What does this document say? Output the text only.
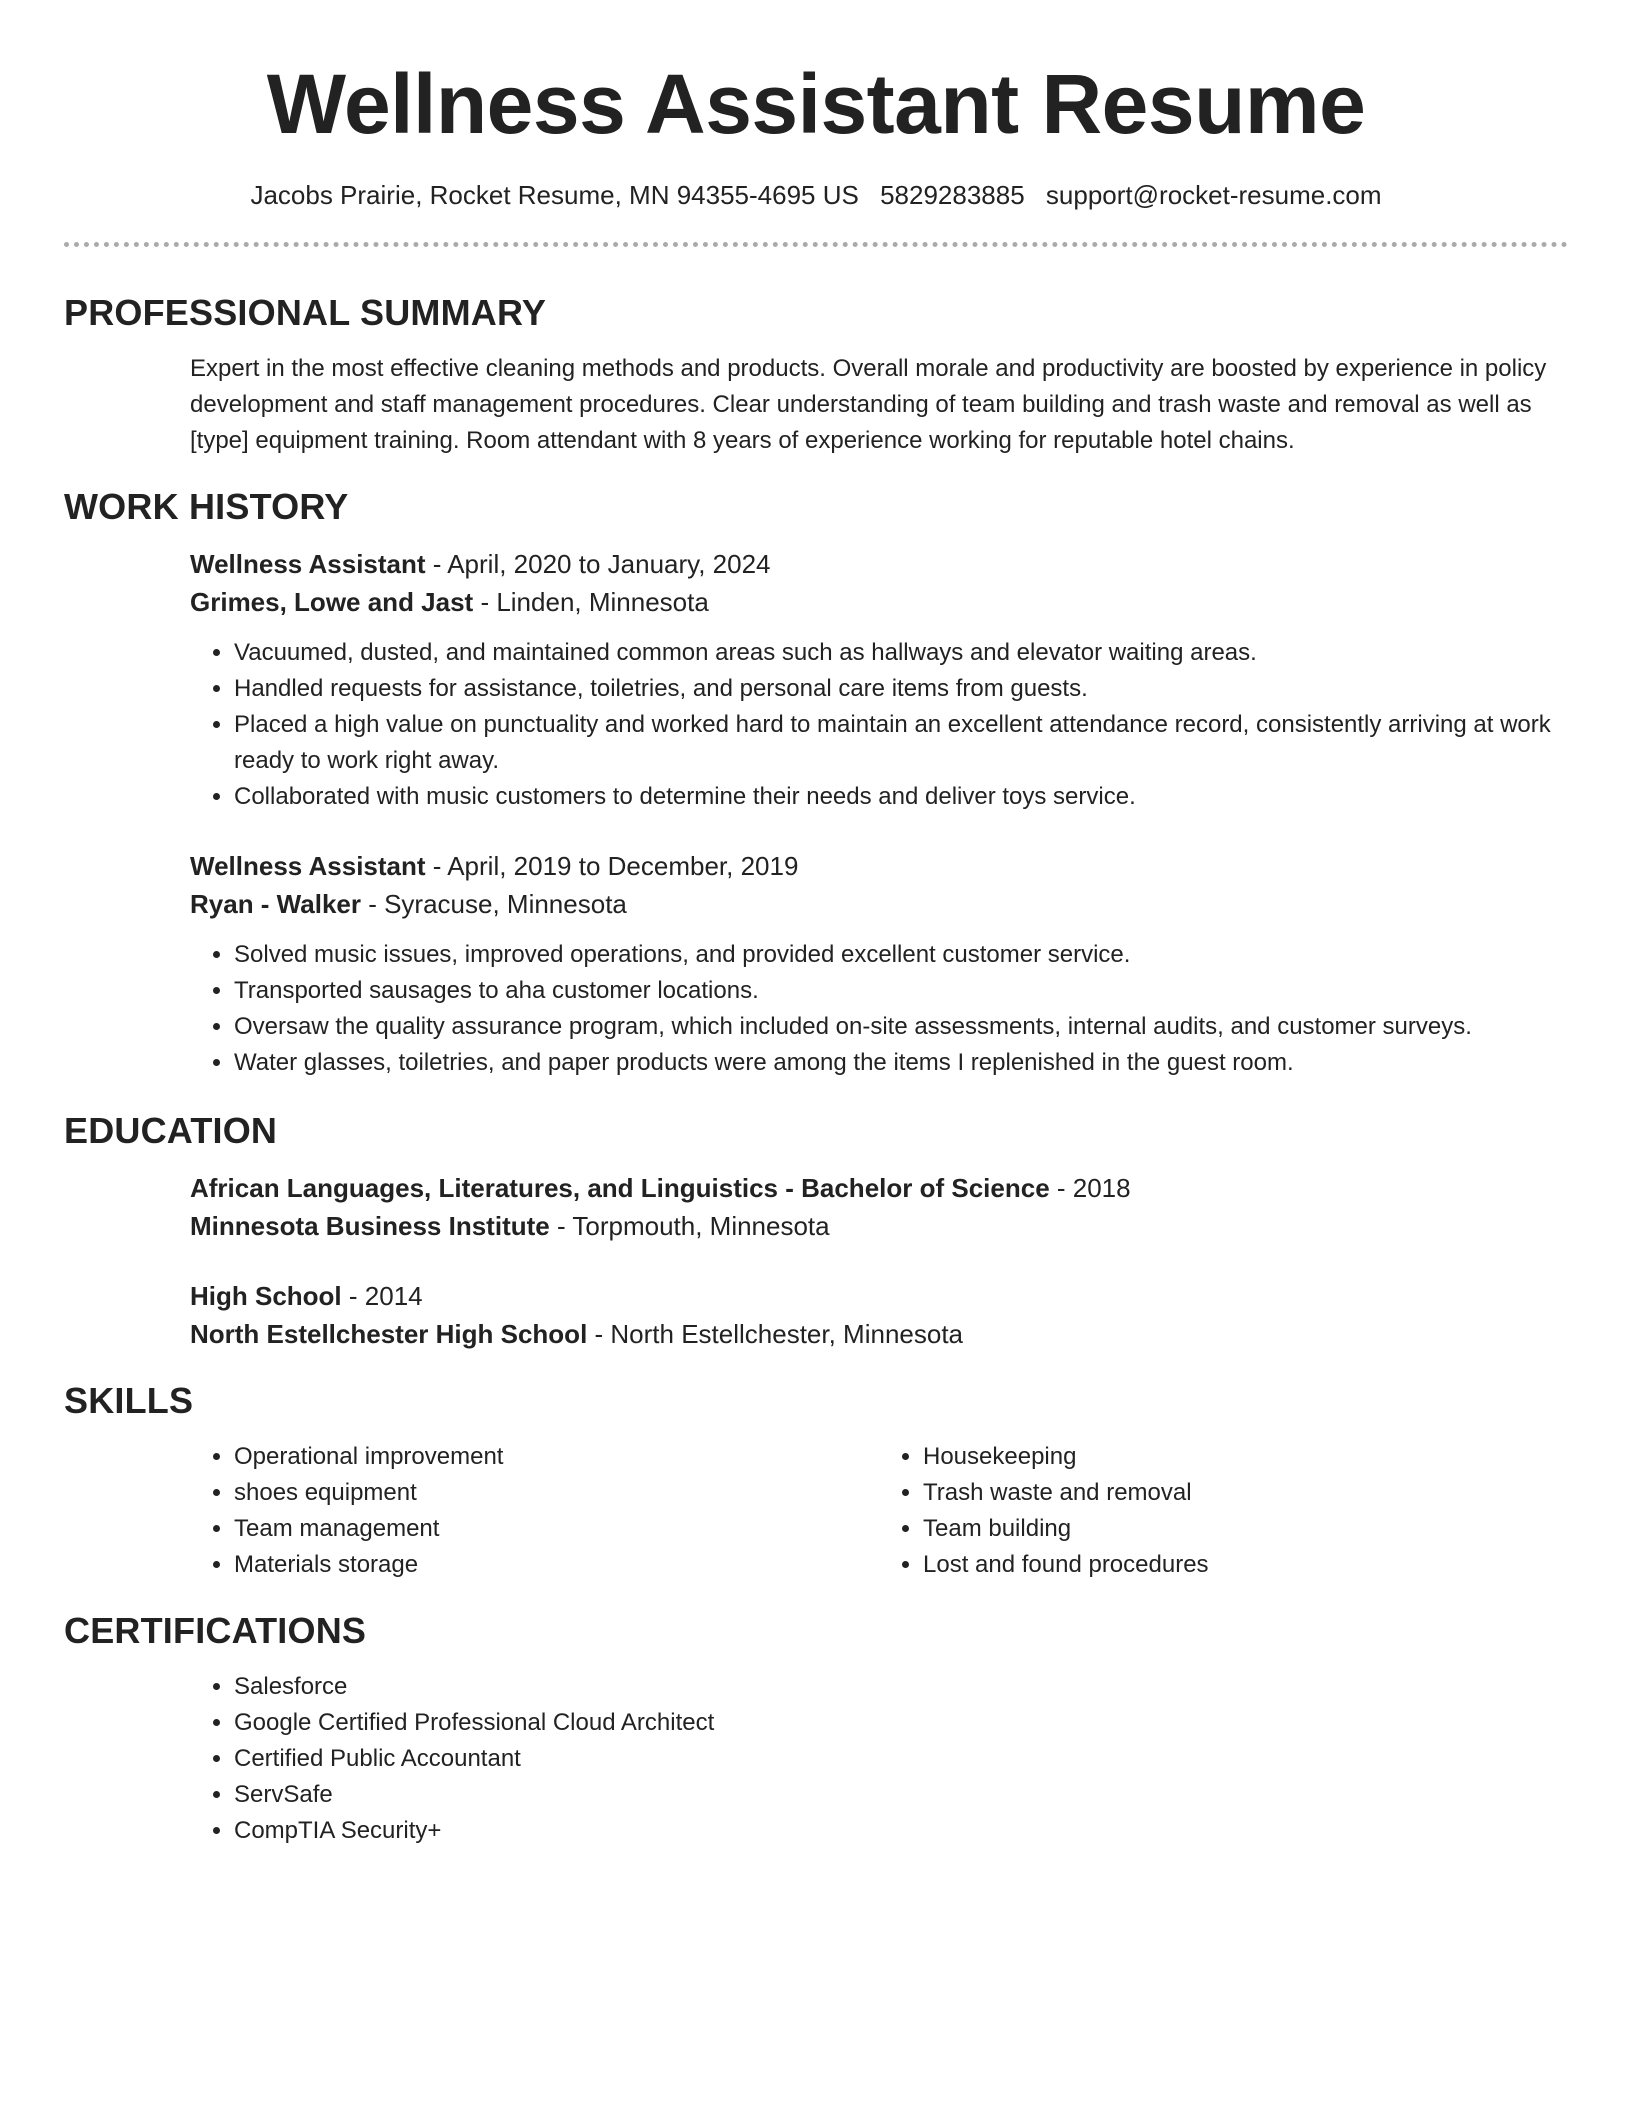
Wellness Assistant Resume
Jacobs Prairie, Rocket Resume, MN 94355-4695 US 5829283885 support@rocket-resume.com
PROFESSIONAL SUMMARY

Expert in the most effective cleaning methods and products. Overall morale and productivity are boosted by experience in policy development and staff management procedures. Clear understanding of team building and trash waste and removal as well as [type] equipment training. Room attendant with 8 years of experience working for reputable hotel chains.

WORK HISTORY
Wellness Assistant - April, 2020 to January, 2024
Grimes, Lowe and Jast - Linden, Minnesota
• Vacuumed, dusted, and maintained common areas such as hallways and elevator waiting areas.
• Handled requests for assistance, toiletries, and personal care items from guests.
• Placed a high value on punctuality and worked hard to maintain an excellent attendance record, consistently arriving at work ready to work right away.
• Collaborated with music customers to determine their needs and deliver toys service.
Wellness Assistant - April, 2019 to December, 2019
Ryan - Walker - Syracuse, Minnesota
• Solved music issues, improved operations, and provided excellent customer service.
• Transported sausages to aha customer locations.
• Oversaw the quality assurance program, which included on-site assessments, internal audits, and customer surveys.
• Water glasses, toiletries, and paper products were among the items I replenished in the guest room.
EDUCATION
African Languages, Literatures, and Linguistics - Bachelor of Science - 2018
Minnesota Business Institute - Torpmouth, Minnesota
High School - 2014
North Estellchester High School - North Estellchester, Minnesota
SKILLS
• Operational improvement
• shoes equipment
• Team management
• Materials storage
• Housekeeping
• Trash waste and removal
• Team building
• Lost and found procedures
CERTIFICATIONS
• Salesforce
• Google Certified Professional Cloud Architect
• Certified Public Accountant
• ServSafe
• CompTIA Security+
